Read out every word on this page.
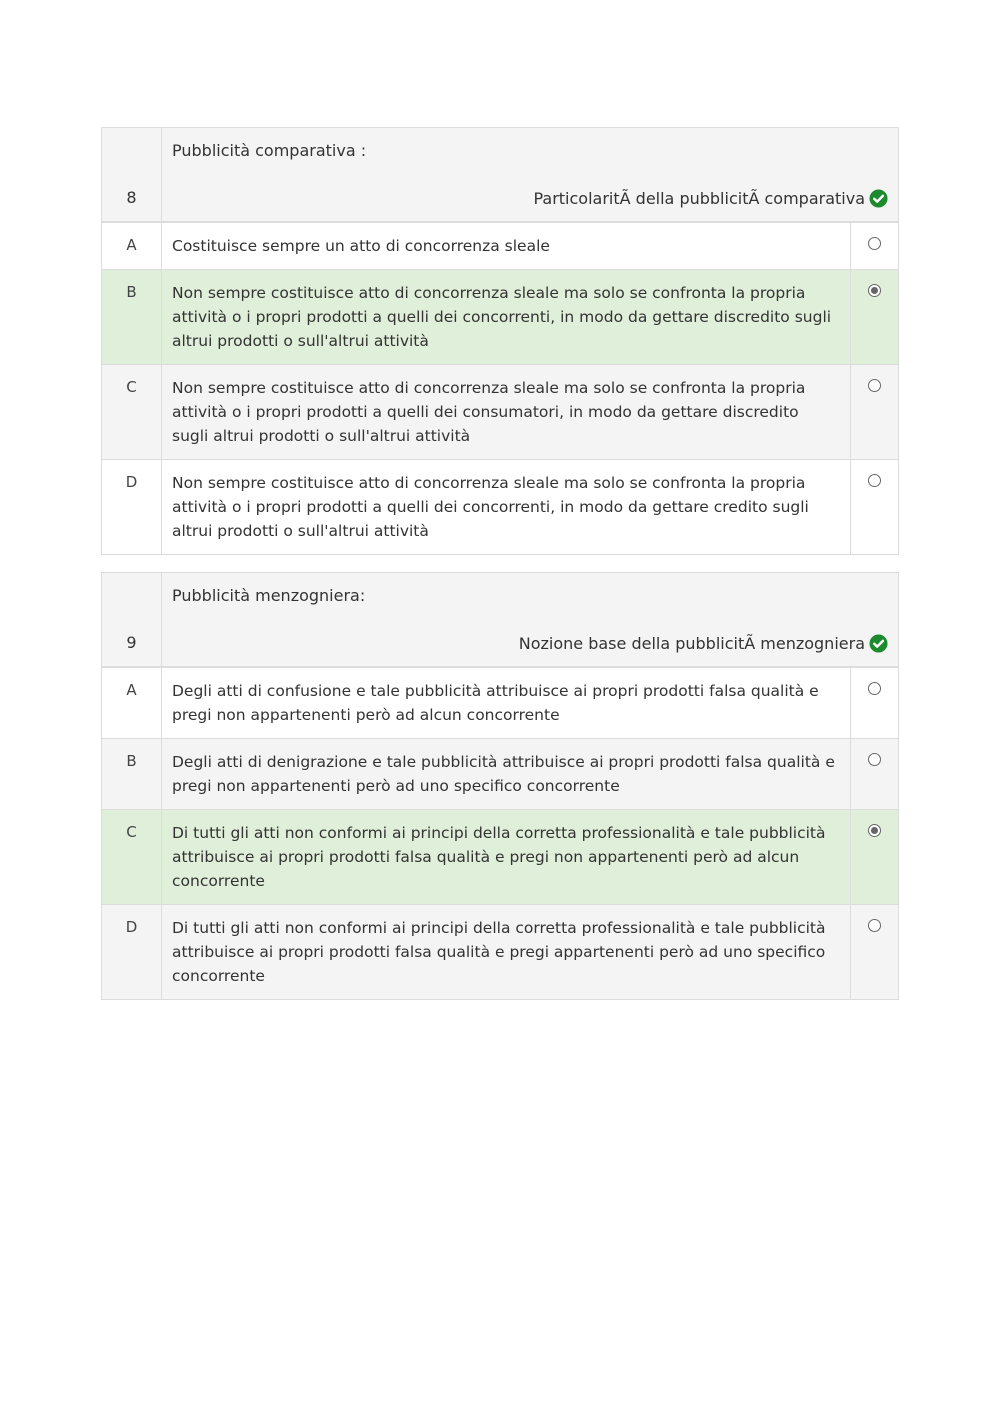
8
Pubblicità comparativa :
ParticolaritÃ della pubblicitÃ comparativa
A	Costituisce sempre un atto di concorrenza sleale
B	Non sempre costituisce atto di concorrenza sleale ma solo se confronta la propria attività o i propri prodotti a quelli dei concorrenti, in modo da gettare discredito sugli altrui prodotti o sull'altrui attività
C	Non sempre costituisce atto di concorrenza sleale ma solo se confronta la propria attività o i propri prodotti a quelli dei consumatori, in modo da gettare discredito sugli altrui prodotti o sull'altrui attività
D	Non sempre costituisce atto di concorrenza sleale ma solo se confronta la propria attività o i propri prodotti a quelli dei concorrenti, in modo da gettare credito sugli altrui prodotti o sull'altrui attività
9
Pubblicità menzogniera:
Nozione base della pubblicitÃ menzogniera
A	Degli atti di confusione e tale pubblicità attribuisce ai propri prodotti falsa qualità e pregi non appartenenti però ad alcun concorrente
B	Degli atti di denigrazione e tale pubblicità attribuisce ai propri prodotti falsa qualità e pregi non appartenenti però ad uno specifico concorrente
C	Di tutti gli atti non conformi ai principi della corretta professionalità e tale pubblicità attribuisce ai propri prodotti falsa qualità e pregi non appartenenti però ad alcun concorrente
D	Di tutti gli atti non conformi ai principi della corretta professionalità e tale pubblicità attribuisce ai propri prodotti falsa qualità e pregi appartenenti però ad uno specifico concorrente
